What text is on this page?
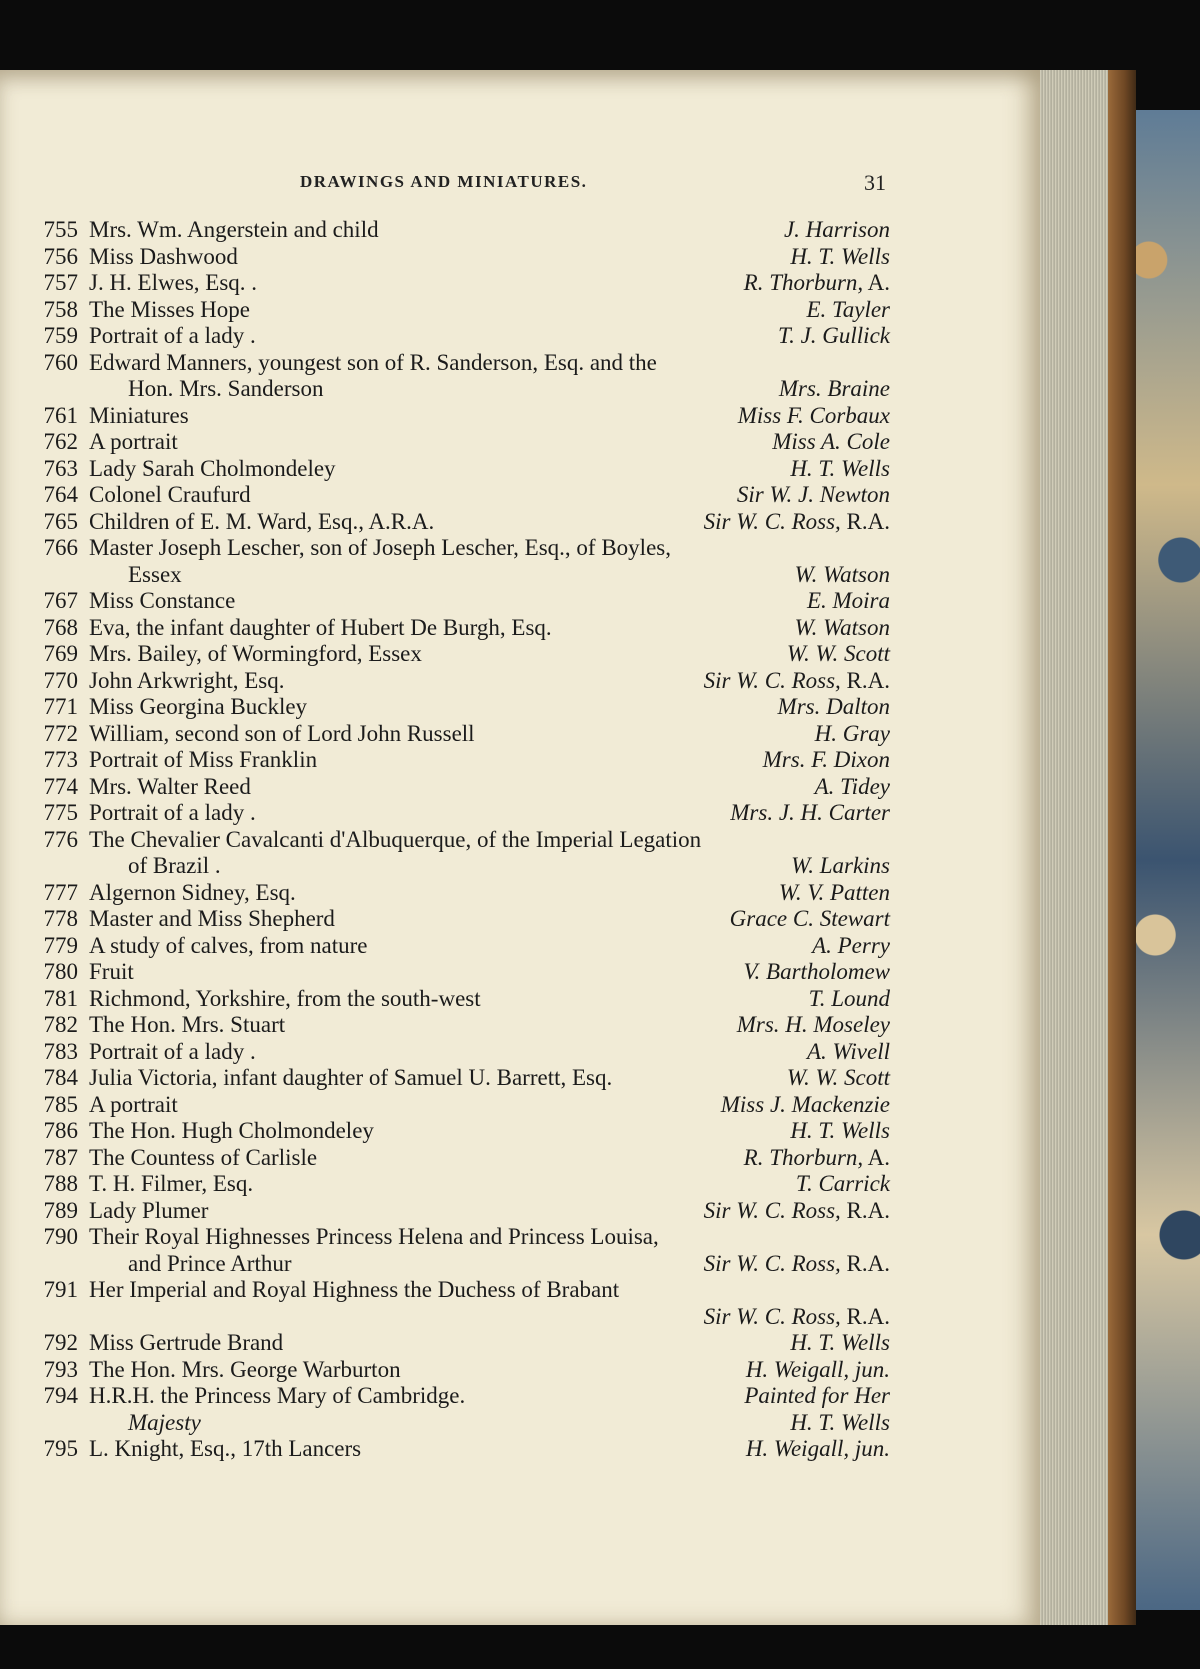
DRAWINGS AND MINIATURES.	31
755 Mrs. Wm. Angerstein and child	J. Harrison
756 Miss Dashwood	H. T. Wells
757 J. H. Elwes, Esq. .	R. Thorburn, A.
758 The Misses Hope	E. Tayler
759 Portrait of a lady .	T. J. Gullick
760 Edward Manners, youngest son of R. Sanderson, Esq. and the
Hon. Mrs. Sanderson	Mrs. Braine
761 Miniatures	Miss F. Corbaux
762 A portrait	Miss A. Cole
763 Lady Sarah Cholmondeley	H. T. Wells
764 Colonel Craufurd	Sir W. J. Newton
765 Children of E. M. Ward, Esq., A.R.A.	Sir W. C. Ross, R.A.
766 Master Joseph Lescher, son of Joseph Lescher, Esq., of Boyles,
Essex	W. Watson
767 Miss Constance	E. Moira
768 Eva, the infant daughter of Hubert De Burgh, Esq.	W. Watson
769 Mrs. Bailey, of Wormingford, Essex	W. W. Scott
770 John Arkwright, Esq.	Sir W. C. Ross, R.A.
771 Miss Georgina Buckley	Mrs. Dalton
772 William, second son of Lord John Russell	H. Gray
773 Portrait of Miss Franklin	Mrs. F. Dixon
774 Mrs. Walter Reed	A. Tidey
775 Portrait of a lady .	Mrs. J. H. Carter
776 The Chevalier Cavalcanti d'Albuquerque, of the Imperial Legation
of Brazil .	W. Larkins
777 Algernon Sidney, Esq.	W. V. Patten
778 Master and Miss Shepherd	Grace C. Stewart
779 A study of calves, from nature	A. Perry
780 Fruit	V. Bartholomew
781 Richmond, Yorkshire, from the south-west	T. Lound
782 The Hon. Mrs. Stuart	Mrs. H. Moseley
783 Portrait of a lady .	A. Wivell
784 Julia Victoria, infant daughter of Samuel U. Barrett, Esq.	W. W. Scott
785 A portrait	Miss J. Mackenzie
786 The Hon. Hugh Cholmondeley	H. T. Wells
787 The Countess of Carlisle	R. Thorburn, A.
788 T. H. Filmer, Esq.	T. Carrick
789 Lady Plumer	Sir W. C. Ross, R.A.
790 Their Royal Highnesses Princess Helena and Princess Louisa,
and Prince Arthur	Sir W. C. Ross, R.A.
791 Her Imperial and Royal Highness the Duchess of Brabant
Sir W. C. Ross, R.A.
792 Miss Gertrude Brand	H. T. Wells
793 The Hon. Mrs. George Warburton	H. Weigall, jun.
794 H.R.H. the Princess Mary of Cambridge.	Painted for Her
Majesty	H. T. Wells
795 L. Knight, Esq., 17th Lancers	H. Weigall, jun.
